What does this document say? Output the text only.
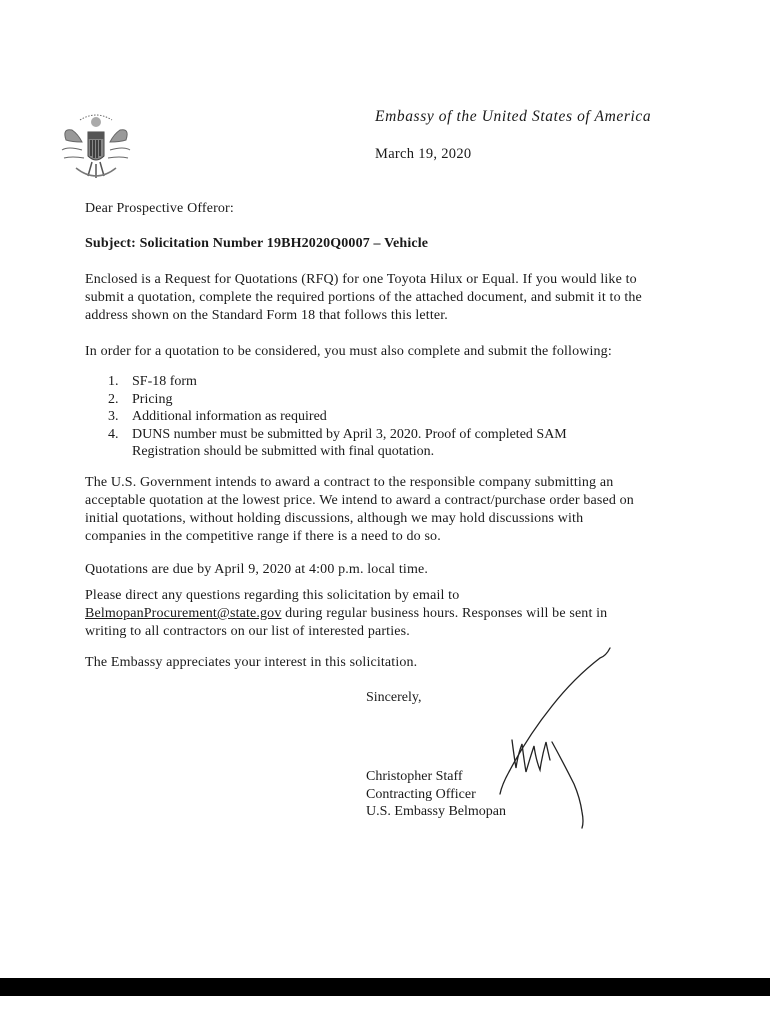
Embassy of the United States of America
March 19, 2020
Dear Prospective Offeror:
Subject: Solicitation Number 19BH2020Q0007 – Vehicle
Enclosed is a Request for Quotations (RFQ) for one Toyota Hilux or Equal. If you would like to
submit a quotation, complete the required portions of the attached document, and submit it to the
address shown on the Standard Form 18 that follows this letter.
In order for a quotation to be considered, you must also complete and submit the following:
1. SF-18 form
2. Pricing
3. Additional information as required
4. DUNS number must be submitted by April 3, 2020. Proof of completed SAM
Registration should be submitted with final quotation.
The U.S. Government intends to award a contract to the responsible company submitting an
acceptable quotation at the lowest price. We intend to award a contract/purchase order based on
initial quotations, without holding discussions, although we may hold discussions with
companies in the competitive range if there is a need to do so.
Quotations are due by April 9, 2020 at 4:00 p.m. local time.
Please direct any questions regarding this solicitation by email to
BelmopanProcurement@state.gov during regular business hours. Responses will be sent in
writing to all contractors on our list of interested parties.
The Embassy appreciates your interest in this solicitation.
Sincerely,
Christopher Staff
Contracting Officer
U.S. Embassy Belmopan
